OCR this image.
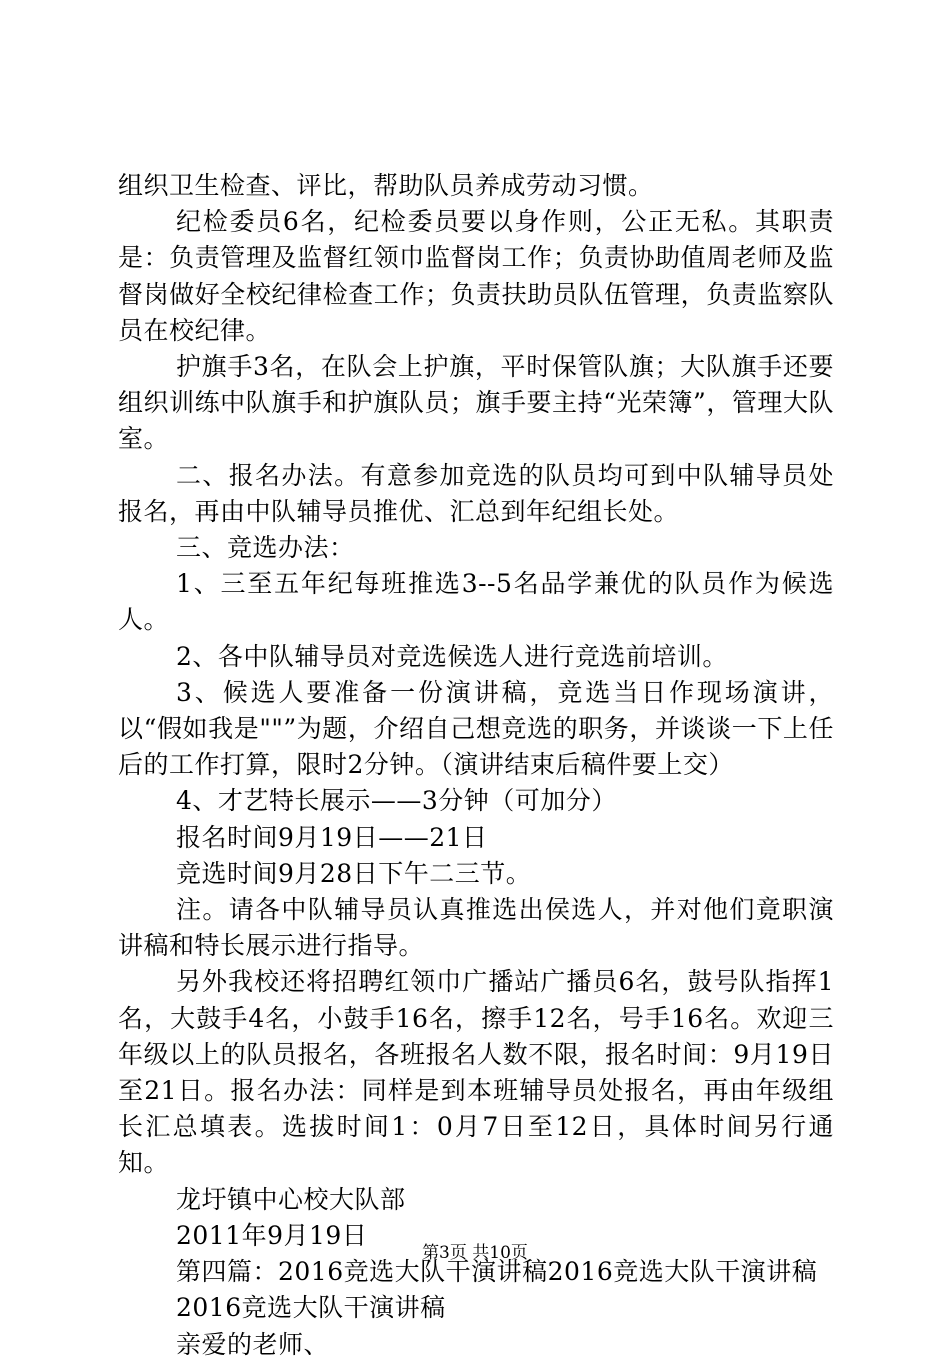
组织卫生检查、评比，帮助队员养成劳动习惯。

纪检委员6名，纪检委员要以身作则，公正无私。其职责是：负责管理及监督红领巾监督岗工作；负责协助值周老师及监督岗做好全校纪律检查工作；负责扶助员队伍管理，负责监察队员在校纪律。

护旗手3名，在队会上护旗，平时保管队旗；大队旗手还要组织训练中队旗手和护旗队员；旗手要主持“光荣簿”，管理大队室。

二、报名办法。有意参加竞选的队员均可到中队辅导员处报名，再由中队辅导员推优、汇总到年纪组长处。

三、竞选办法：

1、三至五年纪每班推选3--5名品学兼优的队员作为候选人。

2、各中队辅导员对竞选候选人进行竞选前培训。

3、候选人要准备一份演讲稿，竞选当日作现场演讲，以“假如我是""”为题，介绍自己想竞选的职务，并谈谈一下上任后的工作打算，限时2分钟。（演讲结束后稿件要上交）

4、才艺特长展示——3分钟（可加分）

报名时间9月19日——21日

竞选时间9月28日下午二三节。

注。请各中队辅导员认真推选出侯选人，并对他们竟职演讲稿和特长展示进行指导。

另外我校还将招聘红领巾广播站广播员6名，鼓号队指挥1名，大鼓手4名，小鼓手16名，擦手12名，号手16名。欢迎三年级以上的队员报名，各班报名人数不限，报名时间：9月19日至21日。报名办法：同样是到本班辅导员处报名，再由年级组长汇总填表。选拔时间1：0月7日至12日，具体时间另行通知。

龙圩镇中心校大队部

2011年9月19日

第四篇：2016竞选大队干演讲稿2016竞选大队干演讲稿

2016竞选大队干演讲稿

亲爱的老师、

第3页 共10页
